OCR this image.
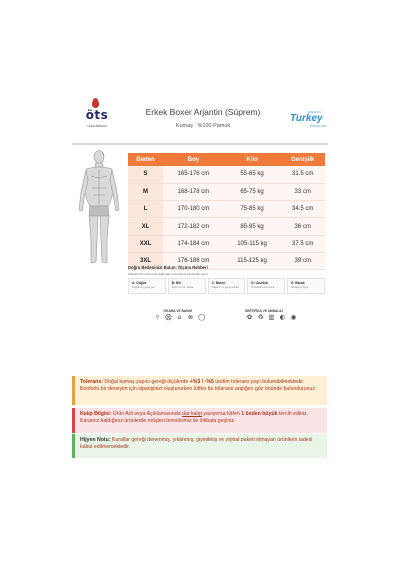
öts
UNDERWEAR
Erkek Boxer Arjantin (Süprem)
Kumaş : %100 Pamuk
MADE IN
Turkey
TURKEY REKL
Beden	Boy	Kilo	Genişlik
S	165-176 cm	55-65 kg	31.5 cm
M	168-178 cm	65-75 kg	33 cm
L	170-180 cm	75-85 kg	34.5 cm
XL	172-182 cm	85-95 kg	36 cm
XXL	174-184 cm	105-115 kg	37.5 cm
3XL	176-186 cm	115-125 kg	39 cm
Doğru Bedeninizi Bulun: Ölçüm Rehberi
Ölçülerinizi mezura ile doğrudan vücudunuz üzerinden alınız.
A: Göğüs
Göğsün en geniş yeri
B: Bel
Belin en ince noktası
C: Basen
Kalçanın en geniş noktası
D: Uzunluk
Omuzdan etek ucuna
E: Bacak
Bacağın iç boyu
YIKAMA VE BAKIM
▿ ⨂ ⌂ ⊗ ◯
SERTİFİKA VE AMBALAJ
✿ ♻ ▥ ◐ ◉
Tolerans: Doğal kumaş yapısı gereği ölçülerde +%3 / -%5 üretim tolerans payı bulunabilmektedir. Konforlu bir deneyim için siparişinizi oluştururken lütfen bu tolerans aralığını göz önünde bulundurunuz.
Kalıp Bilgisi: Ürün Adı veya Açıklamasında dar kalıp yazıyorsa lütfen 1 beden büyük tercih ediniz. Kararsız kaldığınız ürünlerde müşteri temsilcimiz ile iritibata geçiniz.
Hijyen Notu: Kurallar gereği denenmiş, yıkanmış, giyinilmiş ve orjinal paketi olmayan ürünlerin iadesi kabul edilmemektedir.
